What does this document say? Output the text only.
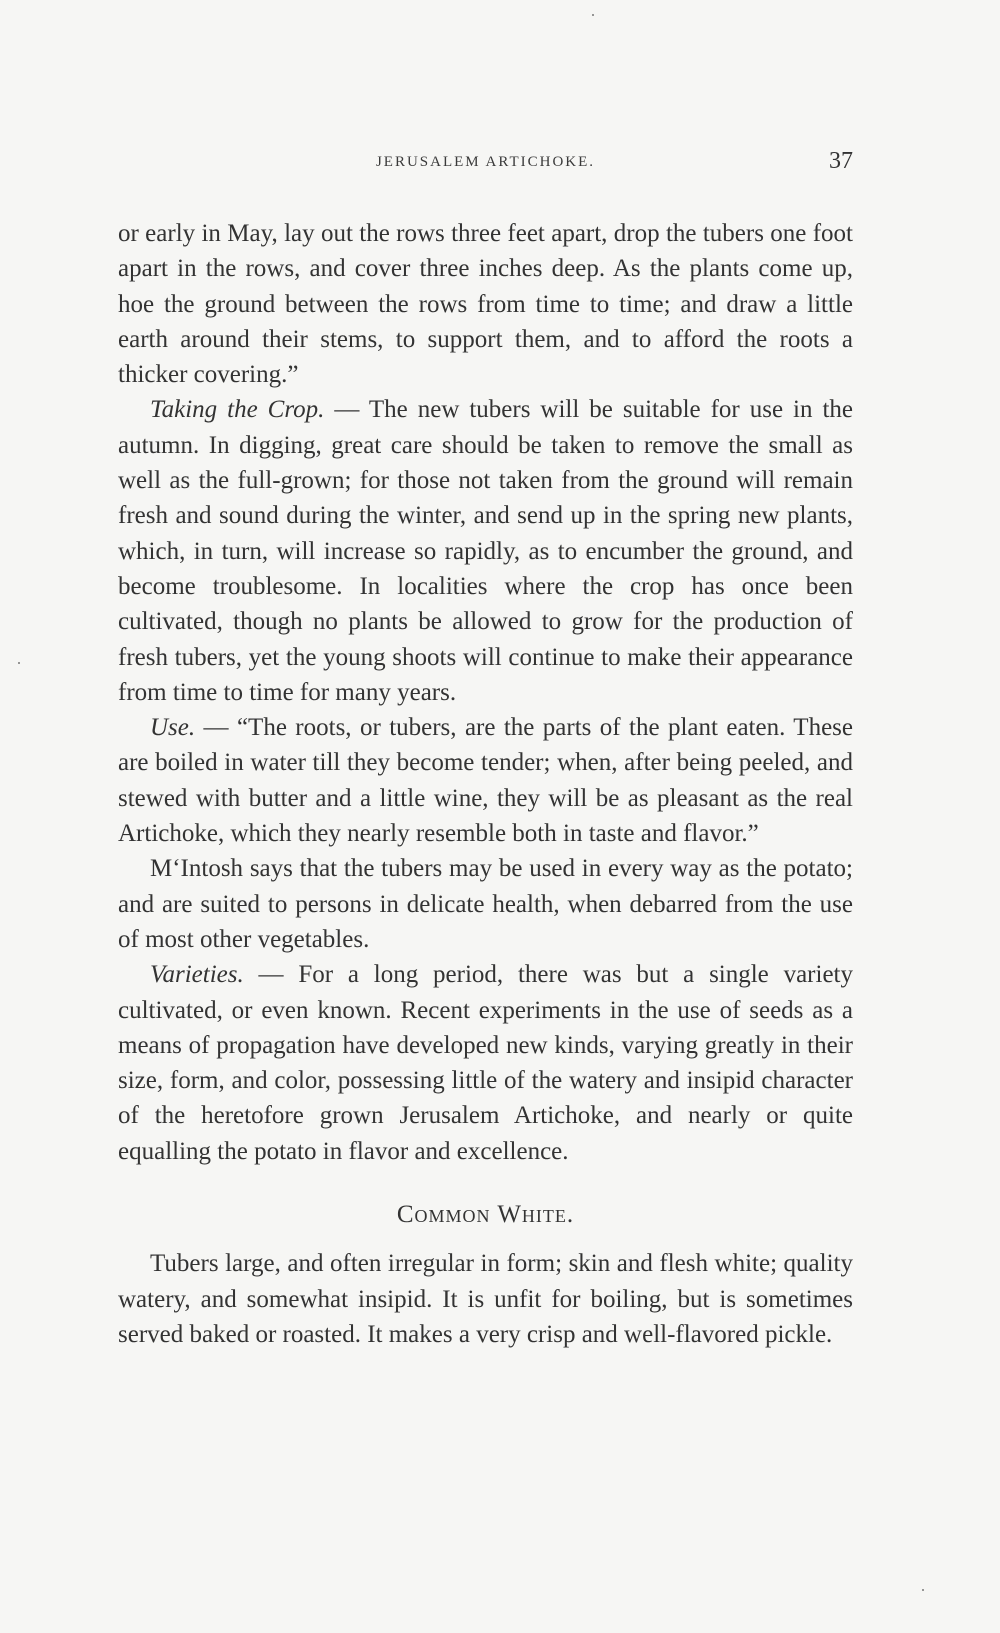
JERUSALEM ARTICHOKE.	37

or early in May, lay out the rows three feet apart, drop the tubers one foot apart in the rows, and cover three inches deep. As the plants come up, hoe the ground between the rows from time to time; and draw a little earth around their stems, to support them, and to afford the roots a thicker covering.”

Taking the Crop. — The new tubers will be suitable for use in the autumn. In digging, great care should be taken to remove the small as well as the full-grown; for those not taken from the ground will remain fresh and sound during the winter, and send up in the spring new plants, which, in turn, will increase so rapidly, as to encumber the ground, and become troublesome. In localities where the crop has once been cultivated, though no plants be allowed to grow for the production of fresh tubers, yet the young shoots will continue to make their appearance from time to time for many years.

Use. — “The roots, or tubers, are the parts of the plant eaten. These are boiled in water till they become tender; when, after being peeled, and stewed with butter and a little wine, they will be as pleasant as the real Artichoke, which they nearly resemble both in taste and flavor.”

M‘Intosh says that the tubers may be used in every way as the potato; and are suited to persons in delicate health, when debarred from the use of most other vegetables.

Varieties. — For a long period, there was but a single variety cultivated, or even known. Recent experiments in the use of seeds as a means of propagation have developed new kinds, varying greatly in their size, form, and color, possessing little of the watery and insipid character of the heretofore grown Jerusalem Artichoke, and nearly or quite equalling the potato in flavor and excellence.

Common White.

Tubers large, and often irregular in form; skin and flesh white; quality watery, and somewhat insipid. It is unfit for boiling, but is sometimes served baked or roasted. It makes a very crisp and well-flavored pickle.
